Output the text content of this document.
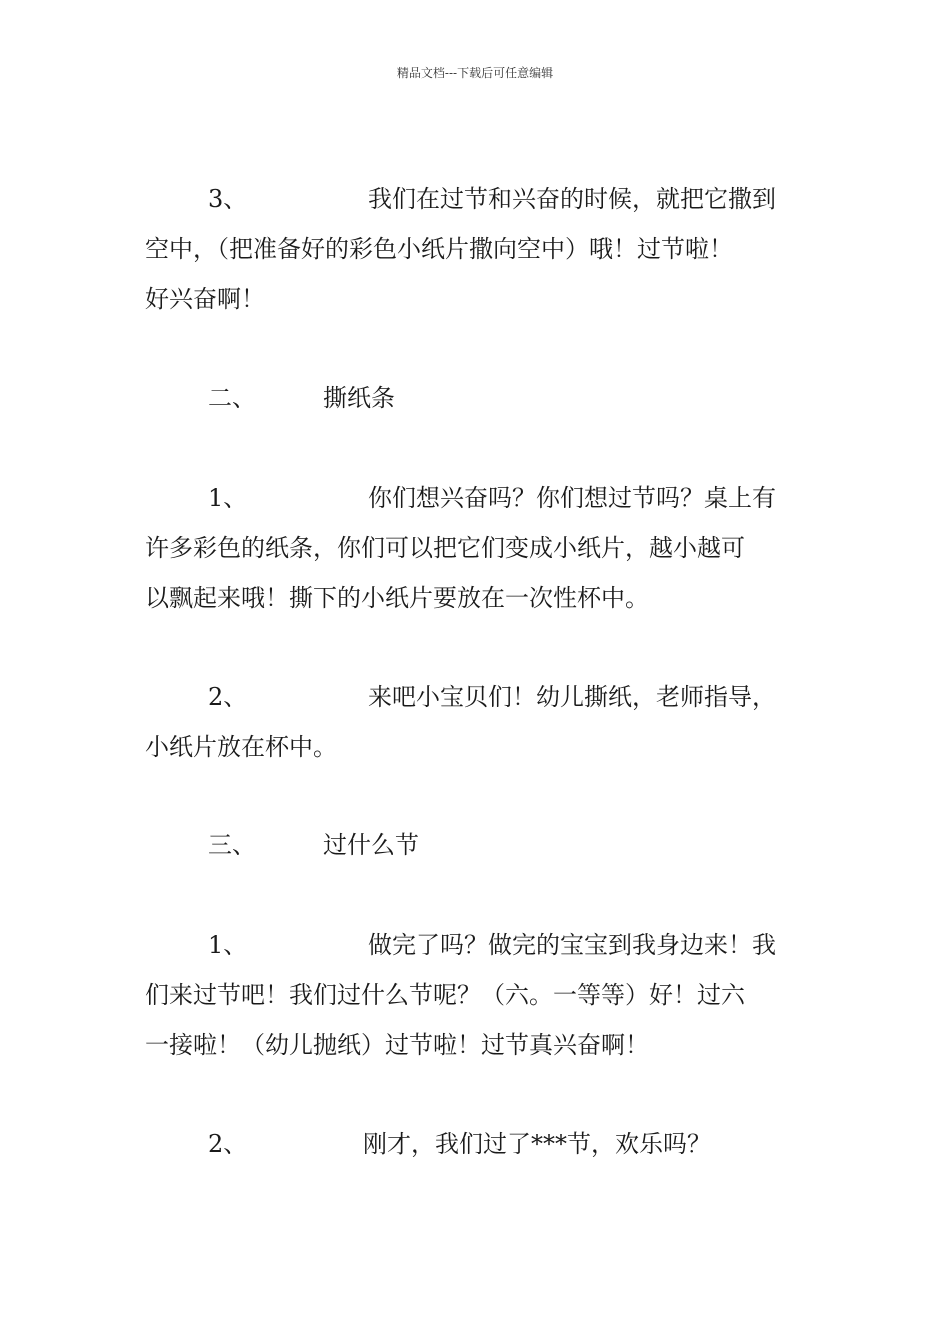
精品文档---下载后可任意编辑
3、	我们在过节和兴奋的时候，就把它撒到
空中，（把准备好的彩色小纸片撒向空中）哦！过节啦！
好兴奋啊！
二、	撕纸条
1、	你们想兴奋吗？你们想过节吗？桌上有
许多彩色的纸条，你们可以把它们变成小纸片，越小越可
以飘起来哦！撕下的小纸片要放在一次性杯中。
2、	来吧小宝贝们！幼儿撕纸，老师指导，
小纸片放在杯中。
三、	过什么节
1、	做完了吗？做完的宝宝到我身边来！我
们来过节吧！我们过什么节呢？（六。一等等）好！过六
一接啦！（幼儿抛纸）过节啦！过节真兴奋啊！
2、	刚才，我们过了***节，欢乐吗？
